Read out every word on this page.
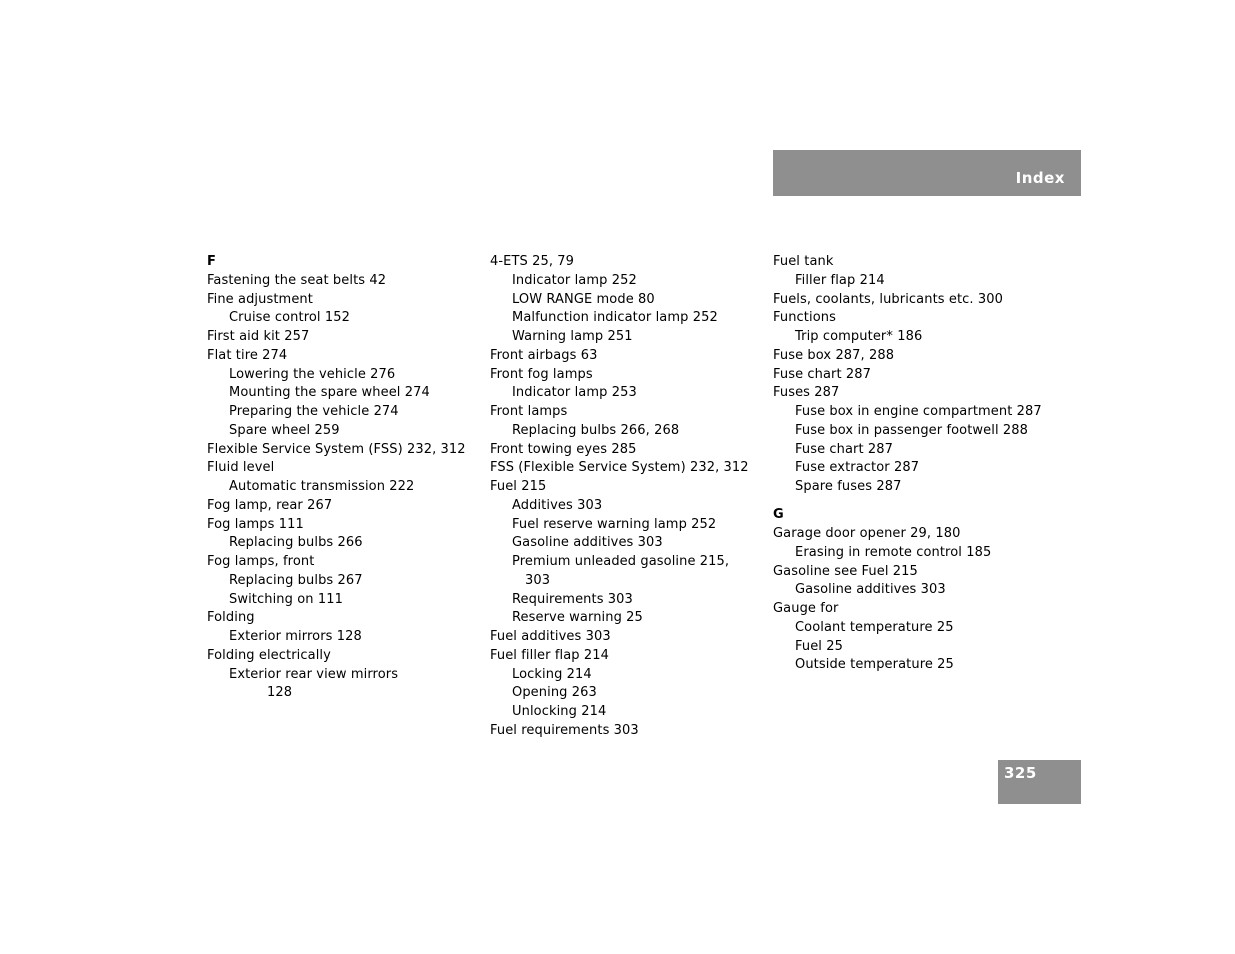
Index
F
Fastening the seat belts 42
Fine adjustment
Cruise control 152
First aid kit 257
Flat tire 274
Lowering the vehicle 276
Mounting the spare wheel 274
Preparing the vehicle 274
Spare wheel 259
Flexible Service System (FSS) 232, 312
Fluid level
Automatic transmission 222
Fog lamp, rear 267
Fog lamps 111
Replacing bulbs 266
Fog lamps, front
Replacing bulbs 267
Switching on 111
Folding
Exterior mirrors 128
Folding electrically
Exterior rear view mirrors
128
4-ETS 25, 79
Indicator lamp 252
LOW RANGE mode 80
Malfunction indicator lamp 252
Warning lamp 251
Front airbags 63
Front fog lamps
Indicator lamp 253
Front lamps
Replacing bulbs 266, 268
Front towing eyes 285
FSS (Flexible Service System) 232, 312
Fuel 215
Additives 303
Fuel reserve warning lamp 252
Gasoline additives 303
Premium unleaded gasoline 215,
303
Requirements 303
Reserve warning 25
Fuel additives 303
Fuel filler flap 214
Locking 214
Opening 263
Unlocking 214
Fuel requirements 303
Fuel tank
Filler flap 214
Fuels, coolants, lubricants etc. 300
Functions
Trip computer* 186
Fuse box 287, 288
Fuse chart 287
Fuses 287
Fuse box in engine compartment 287
Fuse box in passenger footwell 288
Fuse chart 287
Fuse extractor 287
Spare fuses 287
G
Garage door opener 29, 180
Erasing in remote control 185
Gasoline see Fuel 215
Gasoline additives 303
Gauge for
Coolant temperature 25
Fuel 25
Outside temperature 25
325
